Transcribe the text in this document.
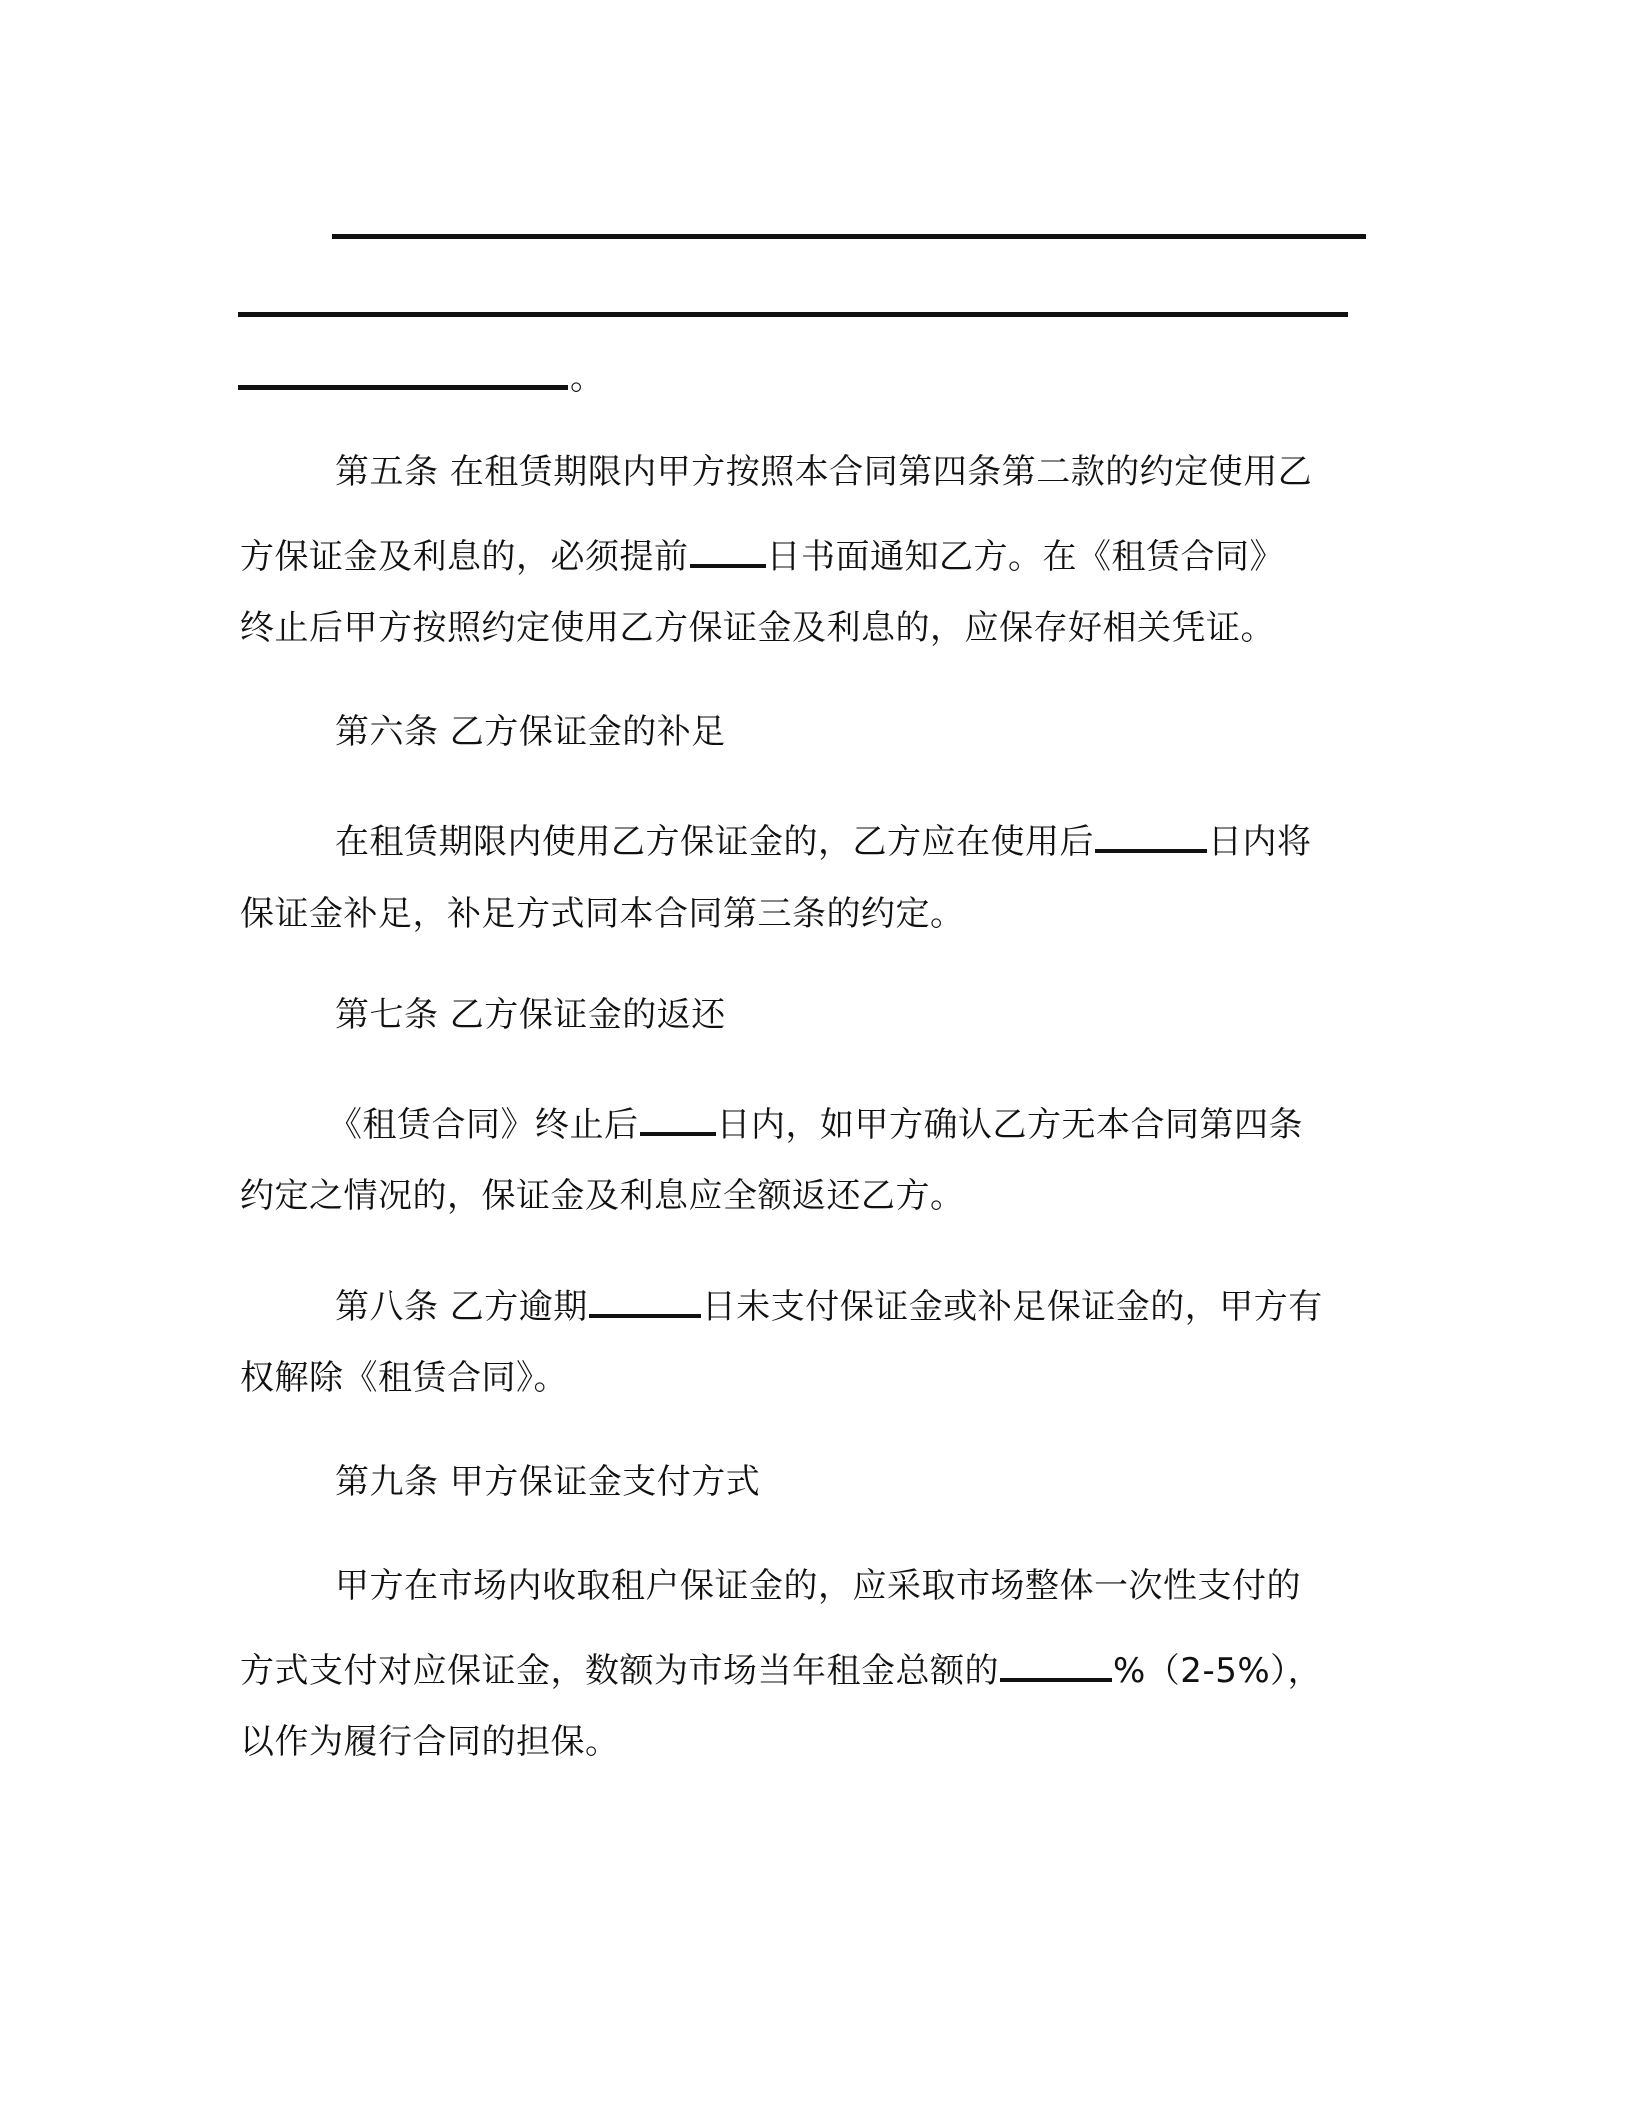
。
第五条 在租赁期限内甲方按照本合同第四条第二款的约定使用乙
方保证金及利息的，必须提前 日书面通知乙方。在《租赁合同》
终止后甲方按照约定使用乙方保证金及利息的，应保存好相关凭证。
第六条 乙方保证金的补足
在租赁期限内使用乙方保证金的，乙方应在使用后	日内将
保证金补足，补足方式同本合同第三条的约定。
第七条 乙方保证金的返还
《租赁合同》终止后 日内，如甲方确认乙方无本合同第四条
约定之情况的，保证金及利息应全额返还乙方。
第八条 乙方逾期	日未支付保证金或补足保证金的，甲方有
权解除《租赁合同》。
第九条 甲方保证金支付方式
甲方在市场内收取租户保证金的，应采取市场整体一次性支付的
方式支付对应保证金，数额为市场当年租金总额的	%（2-5%），
以作为履行合同的担保。
